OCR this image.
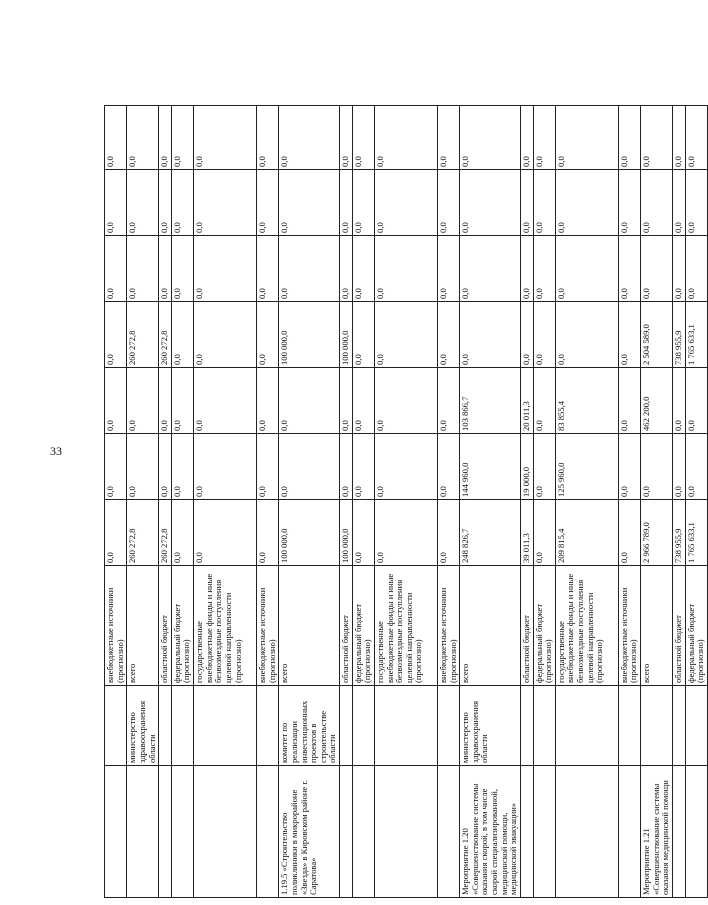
33
		внебюджетные источники (прогнозно)	0,0	0,0	0,0	0,0	0,0	0,0	0,0
	министерство здравоохранения области	всего	260 272,8	0,0	0,0	260 272,8	0,0	0,0	0,0
		областной бюджет	260 272,8	0,0	0,0	260 272,8	0,0	0,0	0,0
		федеральный бюджет (прогнозно)	0,0	0,0	0,0	0,0	0,0	0,0	0,0
		государственные внебюджетные фонды и иные безвозмездные поступления целевой направленности (прогнозно)	0,0	0,0	0,0	0,0	0,0	0,0	0,0
		внебюджетные источники (прогнозно)	0,0	0,0	0,0	0,0	0,0	0,0	0,0
1.19.5 «Строительство поликлиники в микрорайоне «Звезда» в Кировском районе г. Саратова»	комитет по реализации инвестиционных проектов в строительстве области	всего	100 000,0	0,0	0,0	100 000,0	0,0	0,0	0,0
		областной бюджет	100 000,0	0,0	0,0	100 000,0	0,0	0,0	0,0
		федеральный бюджет (прогнозно)	0,0	0,0	0,0	0,0	0,0	0,0	0,0
		государственные внебюджетные фонды и иные безвозмездные поступления целевой направленности (прогнозно)	0,0	0,0	0,0	0,0	0,0	0,0	0,0
		внебюджетные источники (прогнозно)	0,0	0,0	0,0	0,0	0,0	0,0	0,0
Мероприятие 1.20 «Совершенствование системы оказания скорой, в том числе скорой специализированной, медицинской помощи, медицинской эвакуации»	министерство здравоохранения области	всего	248 826,7	144 960,0	103 866,7	0,0	0,0	0,0	0,0
		областной бюджет	39 011,3	19 000,0	20 011,3	0,0	0,0	0,0	0,0
		федеральный бюджет (прогнозно)	0,0	0,0	0,0	0,0	0,0	0,0	0,0
		государственные внебюджетные фонды и иные безвозмездные поступления целевой направленности (прогнозно)	209 815,4	125 960,0	83 855,4	0,0	0,0	0,0	0,0
		внебюджетные источники (прогнозно)	0,0	0,0	0,0	0,0	0,0	0,0	0,0
Мероприятие 1.21 «Совершенствование системы оказания медицинской помощи		всего	2 966 789,0	0,0	462 200,0	2 504 589,0	0,0	0,0	0,0
		областной бюджет	738 955,9	0,0	0,0	738 955,9	0,0	0,0	0,0
		федеральный бюджет (прогнозно)	1 765 633,1	0,0	0,0	1 765 633,1	0,0	0,0	0,0
